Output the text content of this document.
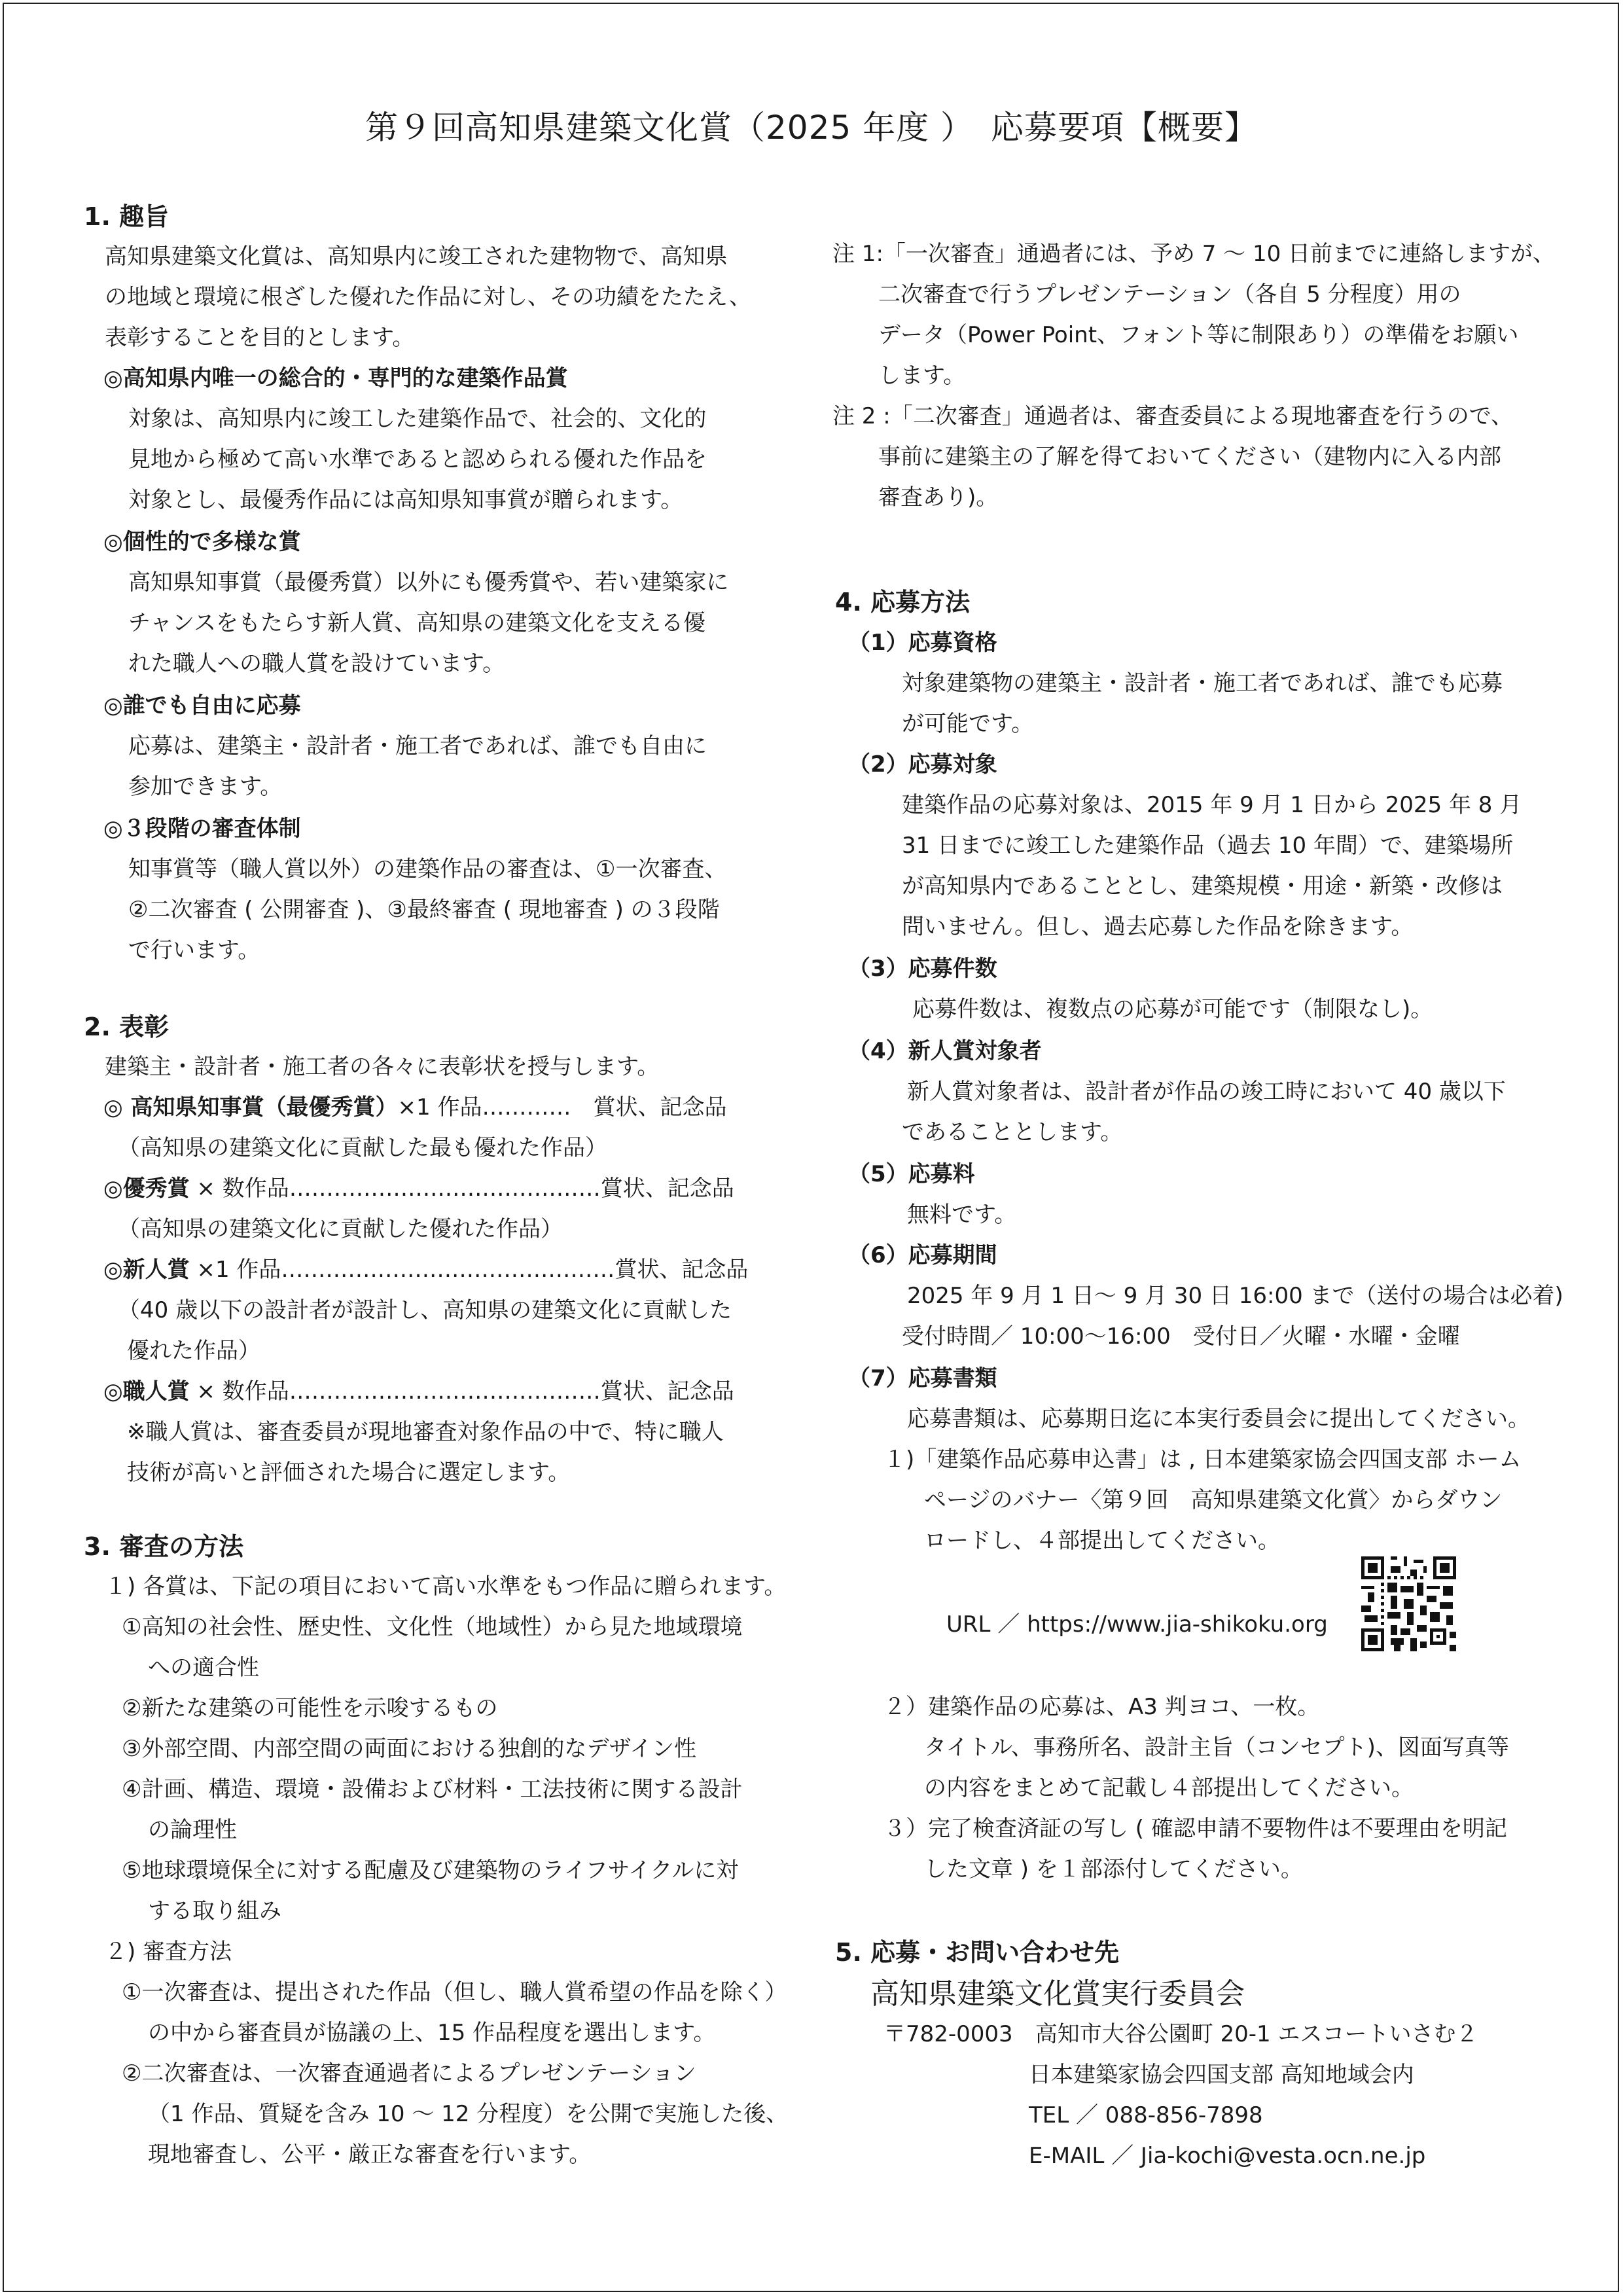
第９回高知県建築文化賞（2025 年度 ）　応募要項【概要】
1. 趣旨
高知県建築文化賞は、高知県内に竣工された建物物で、高知県
の地域と環境に根ざした優れた作品に対し、その功績をたたえ、
表彰することを目的とします。
◎高知県内唯一の総合的・専門的な建築作品賞
対象は、高知県内に竣工した建築作品で、社会的、文化的
見地から極めて高い水準であると認められる優れた作品を
対象とし、最優秀作品には高知県知事賞が贈られます。
◎個性的で多様な賞
高知県知事賞（最優秀賞）以外にも優秀賞や、若い建築家に
チャンスをもたらす新人賞、高知県の建築文化を支える優
れた職人への職人賞を設けています。
◎誰でも自由に応募
応募は、建築主・設計者・施工者であれば、誰でも自由に
参加できます。
◎３段階の審査体制
知事賞等（職人賞以外）の建築作品の審査は、①一次審査、
②二次審査 ( 公開審査 )、③最終審査 ( 現地審査 ) の３段階
で行います。
2. 表彰
建築主・設計者・施工者の各々に表彰状を授与します。
◎ 高知県知事賞（最優秀賞）×1 作品…………　賞状、記念品
（高知県の建築文化に貢献した最も優れた作品）
◎優秀賞 × 数作品……………………………………賞状、記念品
（高知県の建築文化に貢献した優れた作品）
◎新人賞 ×1 作品………………………………………賞状、記念品
（40 歳以下の設計者が設計し、高知県の建築文化に貢献した
優れた作品）
◎職人賞 × 数作品……………………………………賞状、記念品
※職人賞は、審査委員が現地審査対象作品の中で、特に職人
技術が高いと評価された場合に選定します。
3. 審査の方法
１) 各賞は、下記の項目において高い水準をもつ作品に贈られます。
①高知の社会性、歴史性、文化性（地域性）から見た地域環境
への適合性
②新たな建築の可能性を示唆するもの
③外部空間、内部空間の両面における独創的なデザイン性
④計画、構造、環境・設備および材料・工法技術に関する設計
の論理性
⑤地球環境保全に対する配慮及び建築物のライフサイクルに対
する取り組み
２) 審査方法
①一次審査は、提出された作品（但し、職人賞希望の作品を除く）
の中から審査員が協議の上、15 作品程度を選出します。
②二次審査は、一次審査通過者によるプレゼンテーション
（1 作品、質疑を含み 10 ～ 12 分程度）を公開で実施した後、
現地審査し、公平・厳正な審査を行います。
注 1:「一次審査」通過者には、予め 7 ～ 10 日前までに連絡しますが、
二次審査で行うプレゼンテーション（各自 5 分程度）用の
データ（Power Point、フォント等に制限あり）の準備をお願い
します。
注 2 :「二次審査」通過者は、審査委員による現地審査を行うので、
事前に建築主の了解を得ておいてください（建物内に入る内部
審査あり)。
4. 応募方法
（1）応募資格
対象建築物の建築主・設計者・施工者であれば、誰でも応募
が可能です。
（2）応募対象
建築作品の応募対象は、2015 年 9 月 1 日から 2025 年 8 月
31 日までに竣工した建築作品（過去 10 年間）で、建築場所
が高知県内であることとし、建築規模・用途・新築・改修は
問いません。但し、過去応募した作品を除きます。
（3）応募件数
応募件数は、複数点の応募が可能です（制限なし)。
（4）新人賞対象者
新人賞対象者は、設計者が作品の竣工時において 40 歳以下
であることとします。
（5）応募料
無料です。
（6）応募期間
2025 年 9 月 1 日～ 9 月 30 日 16:00 まで（送付の場合は必着)
受付時間／ 10:00～16:00　受付日／火曜・水曜・金曜
（7）応募書類
応募書類は、応募期日迄に本実行委員会に提出してください。
１)「建築作品応募申込書」は , 日本建築家協会四国支部 ホーム
ページのバナー〈第９回　高知県建築文化賞〉からダウン
ロードし、４部提出してください。
URL ／ https://www.jia-shikoku.org
２）建築作品の応募は、A3 判ヨコ、一枚。
タイトル、事務所名、設計主旨（コンセプト)、図面写真等
の内容をまとめて記載し４部提出してください。
３）完了検査済証の写し ( 確認申請不要物件は不要理由を明記
した文章 ) を１部添付してください。
5. 応募・お問い合わせ先
高知県建築文化賞実行委員会
〒782-0003　高知市大谷公園町 20-1 エスコートいさむ２
日本建築家協会四国支部 高知地域会内
TEL ／ 088-856-7898
E-MAIL ／ Jia-kochi@vesta.ocn.ne.jp
